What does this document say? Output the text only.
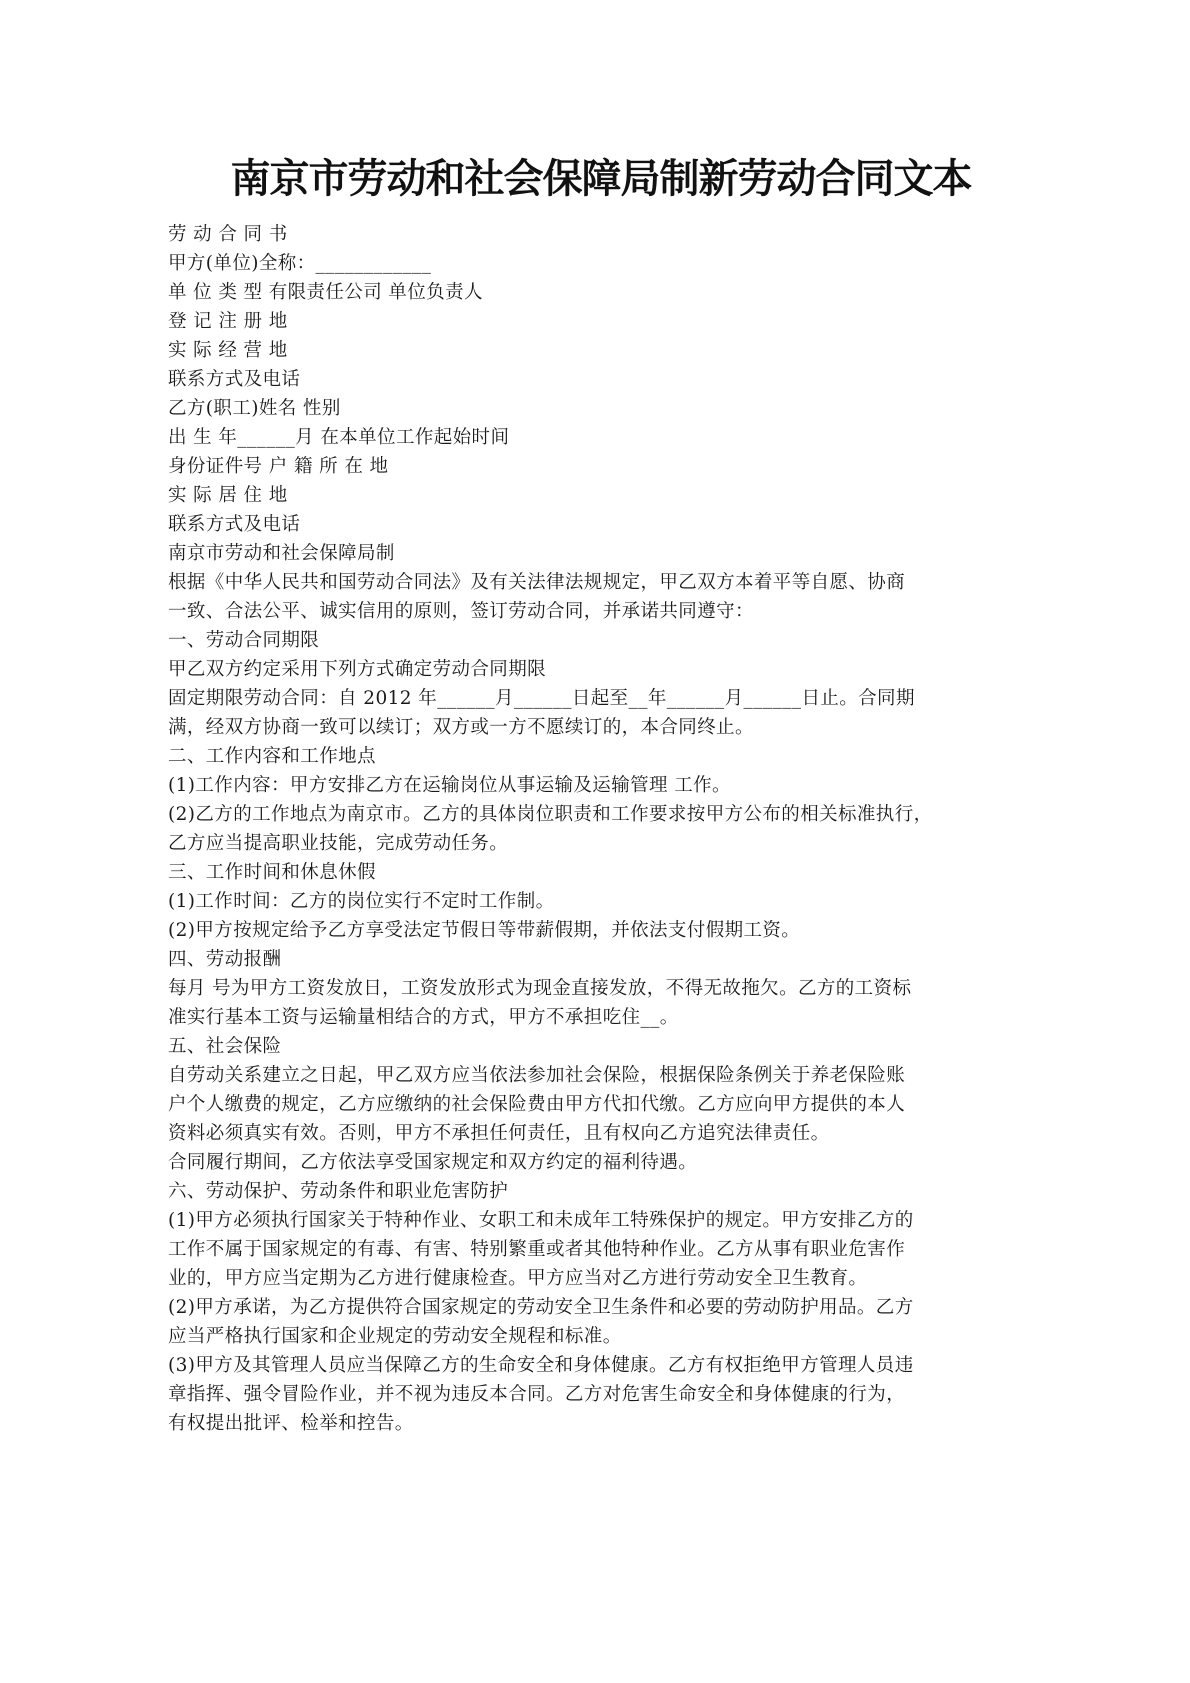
南京市劳动和社会保障局制新劳动合同文本

劳 动 合 同 书

甲方(单位)全称：____________

单 位 类 型 有限责任公司 单位负责人

登 记 注 册 地

实 际 经 营 地

联系方式及电话

乙方(职工)姓名 性别

出 生 年______月 在本单位工作起始时间

身份证件号 户 籍 所 在 地

实 际 居 住 地

联系方式及电话

南京市劳动和社会保障局制

根据《中华人民共和国劳动合同法》及有关法律法规规定，甲乙双方本着平等自愿、协商

一致、合法公平、诚实信用的原则，签订劳动合同，并承诺共同遵守：

一、劳动合同期限

甲乙双方约定采用下列方式确定劳动合同期限

固定期限劳动合同：自 2012 年______月______日起至__年______月______日止。合同期

满，经双方协商一致可以续订；双方或一方不愿续订的，本合同终止。

二、工作内容和工作地点

(1)工作内容：甲方安排乙方在运输岗位从事运输及运输管理 工作。

(2)乙方的工作地点为南京市。乙方的具体岗位职责和工作要求按甲方公布的相关标准执行，

乙方应当提高职业技能，完成劳动任务。

三、工作时间和休息休假

(1)工作时间：乙方的岗位实行不定时工作制。

(2)甲方按规定给予乙方享受法定节假日等带薪假期，并依法支付假期工资。

四、劳动报酬

每月 号为甲方工资发放日，工资发放形式为现金直接发放，不得无故拖欠。乙方的工资标

准实行基本工资与运输量相结合的方式，甲方不承担吃住__。

五、社会保险

自劳动关系建立之日起，甲乙双方应当依法参加社会保险，根据保险条例关于养老保险账

户个人缴费的规定，乙方应缴纳的社会保险费由甲方代扣代缴。乙方应向甲方提供的本人

资料必须真实有效。否则，甲方不承担任何责任，且有权向乙方追究法律责任。

合同履行期间，乙方依法享受国家规定和双方约定的福利待遇。

六、劳动保护、劳动条件和职业危害防护

(1)甲方必须执行国家关于特种作业、女职工和未成年工特殊保护的规定。甲方安排乙方的

工作不属于国家规定的有毒、有害、特别繁重或者其他特种作业。乙方从事有职业危害作

业的，甲方应当定期为乙方进行健康检查。甲方应当对乙方进行劳动安全卫生教育。

(2)甲方承诺，为乙方提供符合国家规定的劳动安全卫生条件和必要的劳动防护用品。乙方

应当严格执行国家和企业规定的劳动安全规程和标准。

(3)甲方及其管理人员应当保障乙方的生命安全和身体健康。乙方有权拒绝甲方管理人员违

章指挥、强令冒险作业，并不视为违反本合同。乙方对危害生命安全和身体健康的行为，

有权提出批评、检举和控告。
